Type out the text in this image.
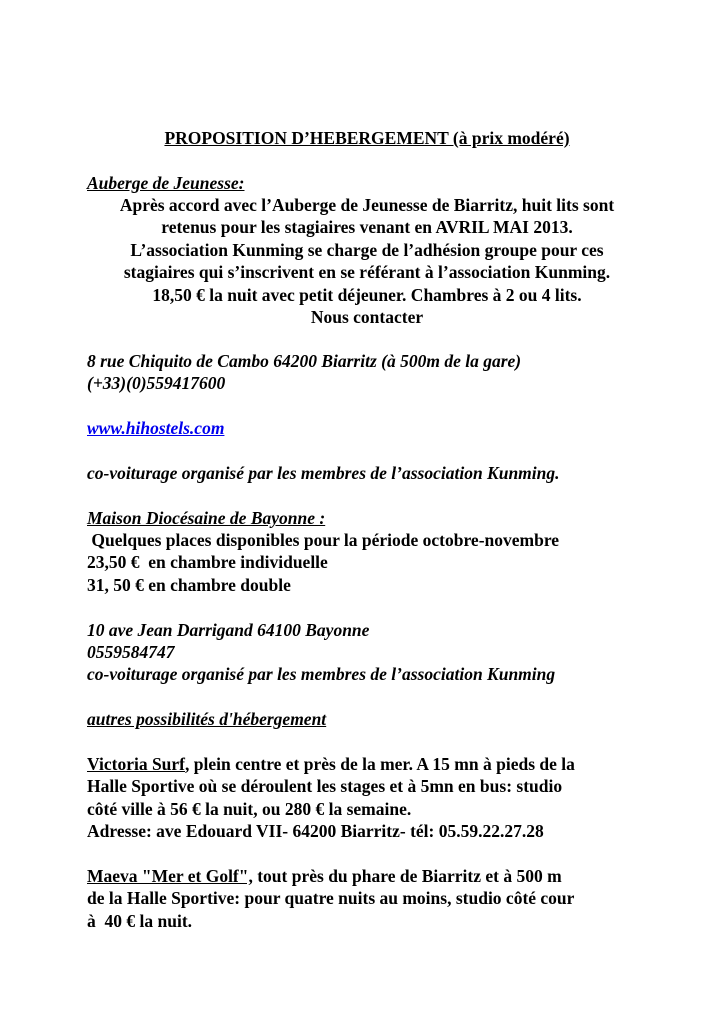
PROPOSITION D’HEBERGEMENT (à prix modéré)

Auberge de Jeunesse:

Après accord avec l’Auberge de Jeunesse de Biarritz, huit lits sont

retenus pour les stagiaires venant en AVRIL MAI 2013.

L’association Kunming se charge de l’adhésion groupe pour ces

stagiaires qui s’inscrivent en se référant à l’association Kunming.

18,50 € la nuit avec petit déjeuner. Chambres à 2 ou 4 lits.

Nous contacter

8 rue Chiquito de Cambo 64200 Biarritz (à 500m de la gare)

(+33)(0)559417600

www.hihostels.com

co-voiturage organisé par les membres de l’association Kunming.

Maison Diocésaine de Bayonne :

Quelques places disponibles pour la période octobre-novembre

23,50 €  en chambre individuelle

31, 50 € en chambre double

10 ave Jean Darrigand 64100 Bayonne

0559584747

co-voiturage organisé par les membres de l’association Kunming

autres possibilités d'hébergement

Victoria Surf, plein centre et près de la mer. A 15 mn à pieds de la

Halle Sportive où se déroulent les stages et à 5mn en bus: studio

côté ville à 56 € la nuit, ou 280 € la semaine.

Adresse: ave Edouard VII- 64200 Biarritz- tél: 05.59.22.27.28

Maeva "Mer et Golf", tout près du phare de Biarritz et à 500 m

de la Halle Sportive: pour quatre nuits au moins, studio côté cour

à  40 € la nuit.
